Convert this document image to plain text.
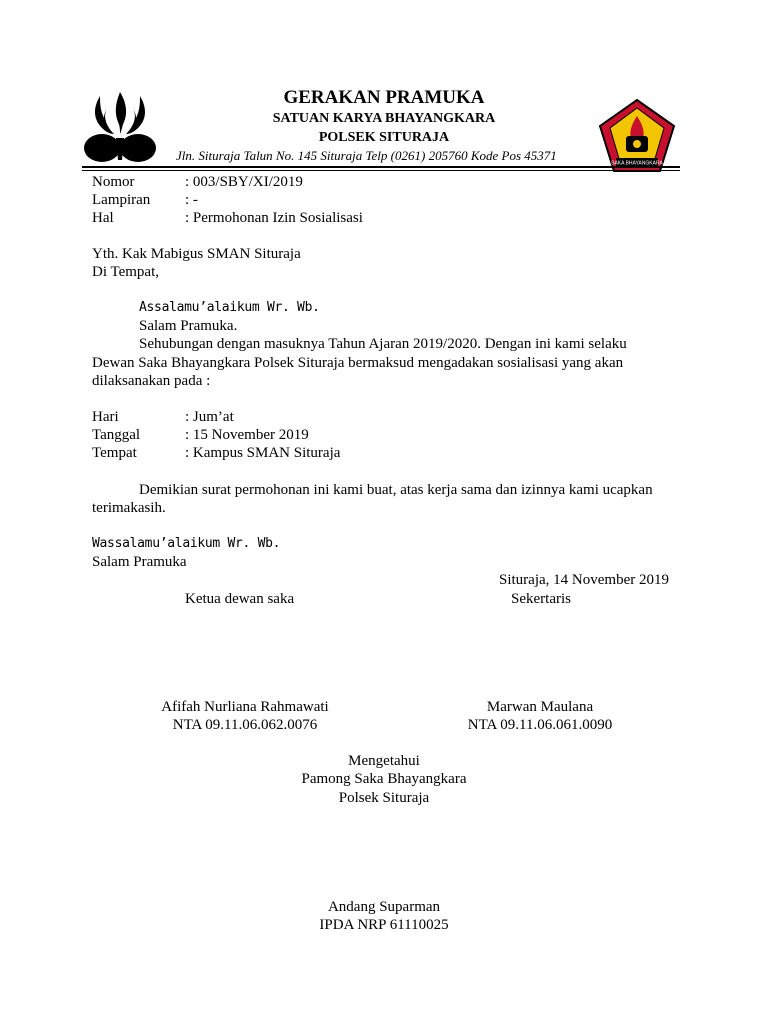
SAKA BHAYANGKARA
GERAKAN PRAMUKA
SATUAN KARYA BHAYANGKARA
POLSEK SITURAJA
Jln. Situraja Talun No. 145 Situraja Telp (0261) 205760 Kode Pos 45371
Nomor	: 003/SBY/XI/2019
Lampiran : -
Hal	: Permohonan Izin Sosialisasi
Yth. Kak Mabigus SMAN Situraja
Di Tempat,
Assalamu’alaikum Wr. Wb.
Salam Pramuka.
Sehubungan dengan masuknya Tahun Ajaran 2019/2020. Dengan ini kami selaku
Dewan Saka Bhayangkara Polsek Situraja bermaksud mengadakan sosialisasi yang akan
dilaksanakan pada :
Hari	: Jum’at
Tanggal	: 15 November 2019
Tempat	: Kampus SMAN Situraja
Demikian surat permohonan ini kami buat, atas kerja sama dan izinnya kami ucapkan
terimakasih.
Wassalamu’alaikum Wr. Wb.
Salam Pramuka
Situraja, 14 November 2019
Ketua dewan saka	Sekertaris
Afifah Nurliana Rahmawati
NTA 09.11.06.062.0076
Marwan Maulana
NTA 09.11.06.061.0090
Mengetahui
Pamong Saka Bhayangkara
Polsek Situraja
Andang Suparman
IPDA NRP 61110025
